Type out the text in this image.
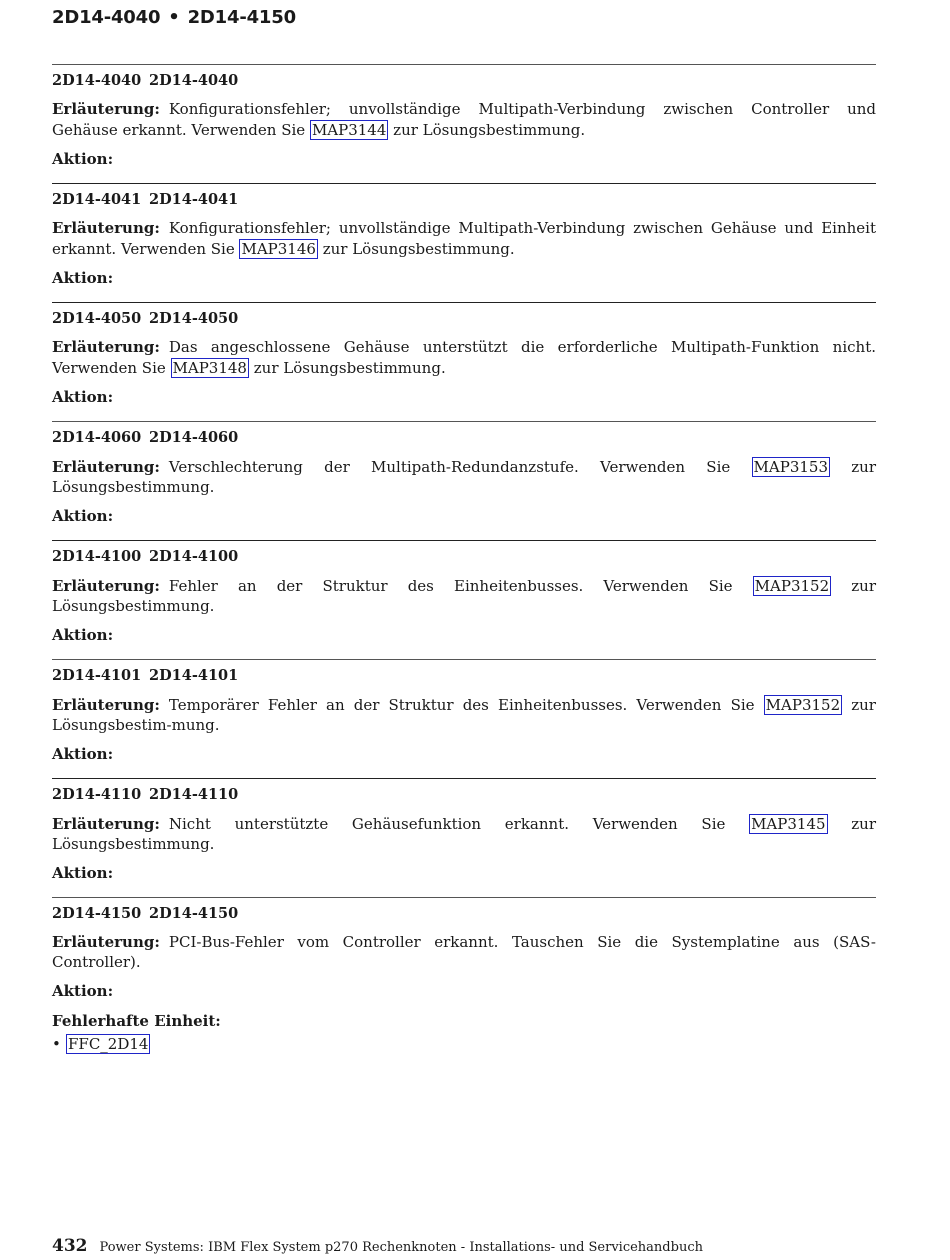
2D14-4040 • 2D14-4150
2D14-4040 2D14-4040
Erläuterung: Konfigurationsfehler; unvollständige Multipath-Verbindung zwischen Controller und Gehäuse erkannt. Verwenden Sie MAP3144 zur Lösungsbestimmung.
Aktion:
2D14-4041 2D14-4041
Erläuterung: Konfigurationsfehler; unvollständige Multipath-Verbindung zwischen Gehäuse und Einheit erkannt. Verwenden Sie MAP3146 zur Lösungsbestimmung.
Aktion:
2D14-4050 2D14-4050
Erläuterung: Das angeschlossene Gehäuse unterstützt die erforderliche Multipath-Funktion nicht. Verwenden Sie MAP3148 zur Lösungsbestimmung.
Aktion:
2D14-4060 2D14-4060
Erläuterung: Verschlechterung der Multipath-Redundanzstufe. Verwenden Sie MAP3153 zur Lösungsbestimmung.
Aktion:
2D14-4100 2D14-4100
Erläuterung: Fehler an der Struktur des Einheitenbusses. Verwenden Sie MAP3152 zur Lösungsbestimmung.
Aktion:
2D14-4101 2D14-4101
Erläuterung: Temporärer Fehler an der Struktur des Einheitenbusses. Verwenden Sie MAP3152 zur Lösungsbestim-mung.
Aktion:
2D14-4110 2D14-4110
Erläuterung: Nicht unterstützte Gehäusefunktion erkannt. Verwenden Sie MAP3145 zur Lösungsbestimmung.
Aktion:
2D14-4150 2D14-4150
Erläuterung: PCI-Bus-Fehler vom Controller erkannt. Tauschen Sie die Systemplatine aus (SAS-Controller).
Aktion:
Fehlerhafte Einheit:
• FFC_2D14
432 Power Systems: IBM Flex System p270 Rechenknoten - Installations- und Servicehandbuch
